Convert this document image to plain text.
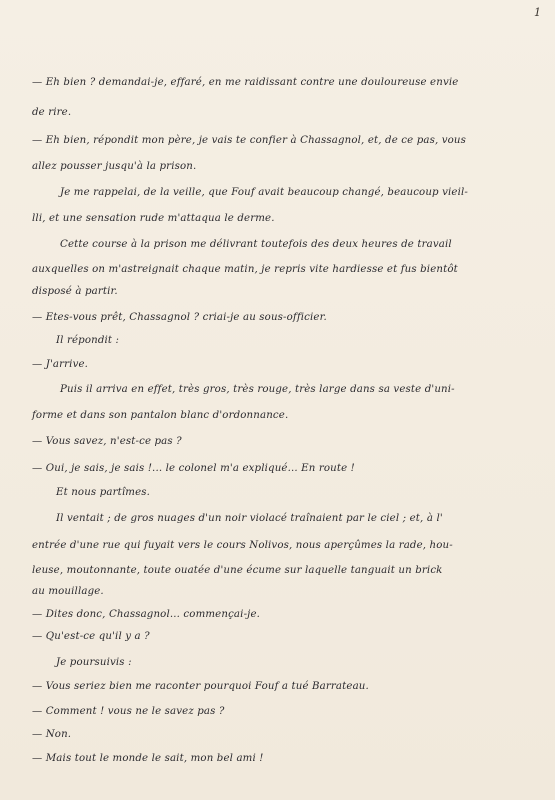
1
— Eh bien ? demandai-je, effaré, en me raidissant contre une douloureuse envie
de rire.
— Eh bien, répondit mon père, je vais te confier à Chassagnol, et, de ce pas, vous
allez pousser jusqu'à la prison.
Je me rappelai, de la veille, que Fouf avait beaucoup changé, beaucoup vieil-
lli, et une sensation rude m'attaqua le derme.
Cette course à la prison me délivrant toutefois des deux heures de travail
auxquelles on m'astreignait chaque matin, je repris vite hardiesse et fus bientôt
disposé à partir.
— Etes-vous prêt, Chassagnol ? criai-je au sous-officier.
Il répondit :
— J'arrive.
Puis il arriva en effet, très gros, très rouge, très large dans sa veste d'uni-
forme et dans son pantalon blanc d'ordonnance.
— Vous savez, n'est-ce pas ?
— Oui, je sais, je sais !... le colonel m'a expliqué... En route !
Et nous partîmes.
Il ventait ; de gros nuages d'un noir violacé traînaient par le ciel ; et, à l'
entrée d'une rue qui fuyait vers le cours Nolivos, nous aperçûmes la rade, hou-
leuse, moutonnante, toute ouatée d'une écume sur laquelle tanguait un brick
au mouillage.
— Dites donc, Chassagnol... commençai-je.
— Qu'est-ce qu'il y a ?
Je poursuivis :
— Vous seriez bien me raconter pourquoi Fouf a tué Barrateau.
— Comment ! vous ne le savez pas ?
— Non.
— Mais tout le monde le sait, mon bel ami !
